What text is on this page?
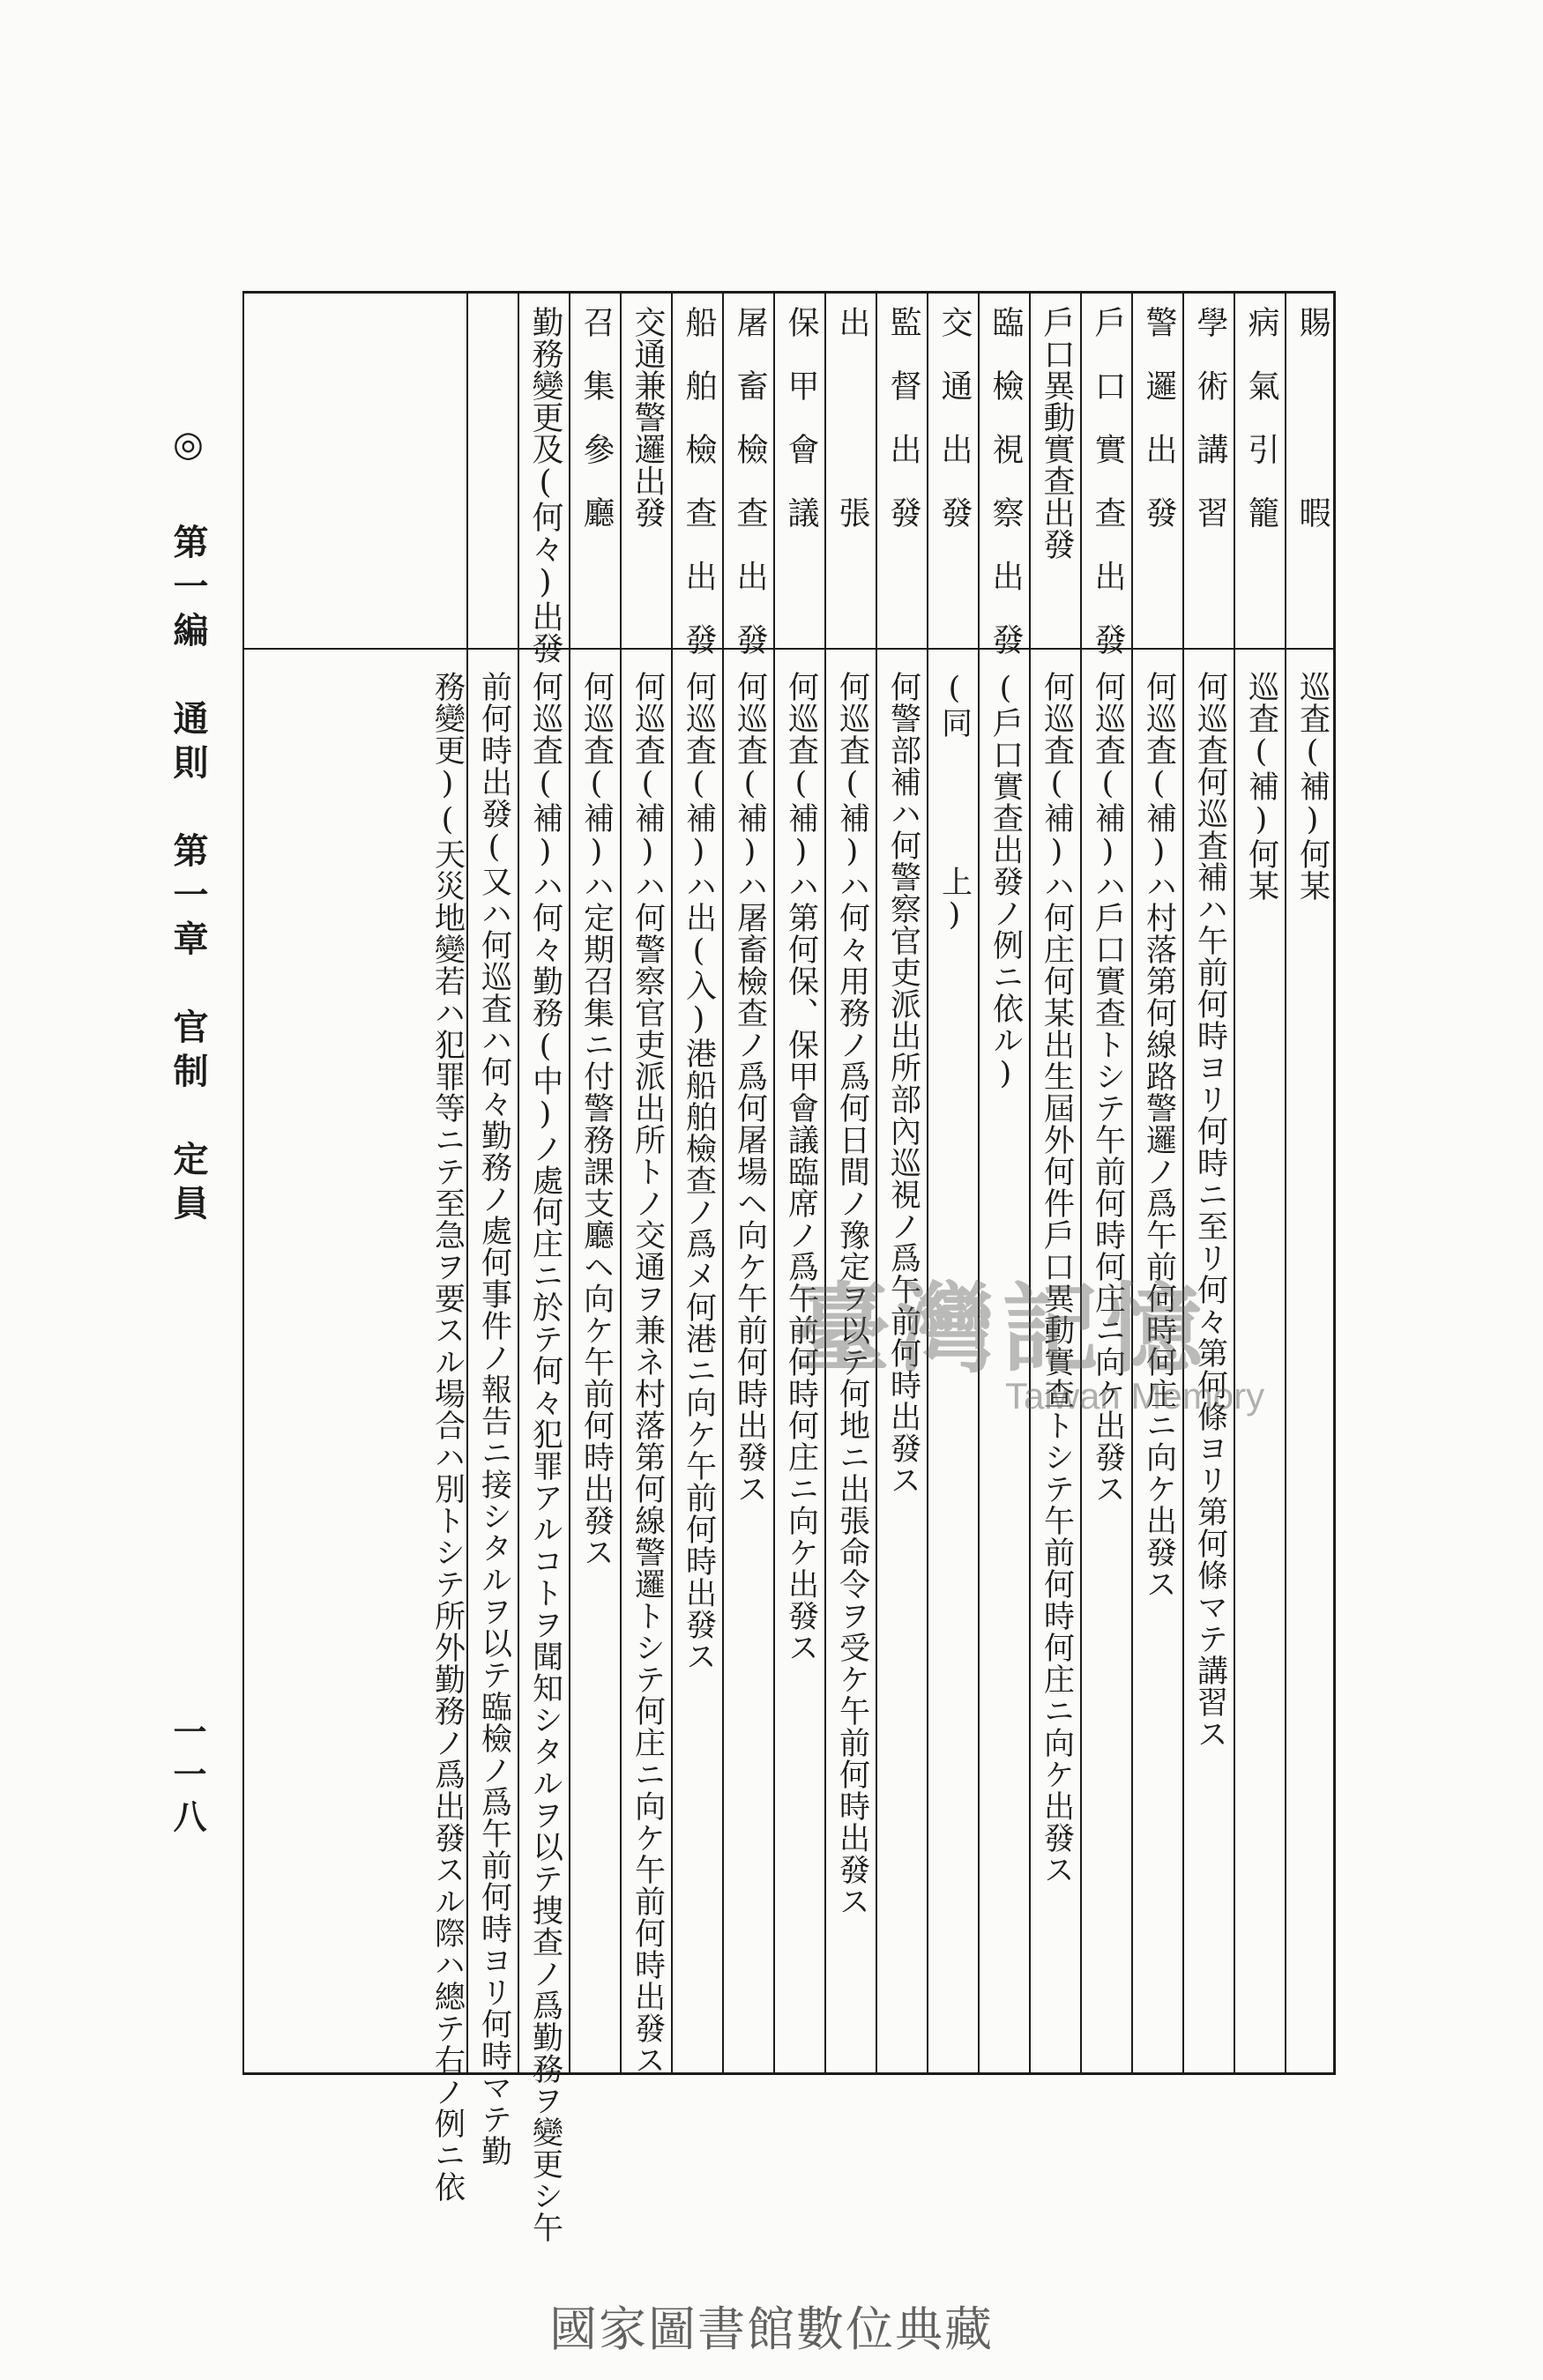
賜　　　　　暇
巡査(補)何某
病　氣　引　籠
巡査(補)何某
學　術　講　習
何巡査何巡査補ハ午前何時ヨリ何時ニ至リ何々第何條ヨリ第何條マテ講習ス
警　邏　出　發
何巡査(補)ハ村落第何線路警邏ノ爲午前何時何庄ニ向ケ出發ス
戶　口　實　查　出　發
何巡査(補)ハ戶口實查トシテ午前何時何庄ニ向ケ出發ス
戶口異動實查出發
何巡査(補)ハ何庄何某出生屆外何件戶口異動實查トシテ午前何時何庄ニ向ケ出發ス
臨　檢　視　察　出　發
(戶口實查出發ノ例ニ依ル)
交　通　出　發
(同　　　　上)
監　督　出　發
何警部補ハ何警察官吏派出所部內巡視ノ爲午前何時出發ス
出　　　　　張
何巡査(補)ハ何々用務ノ爲何日間ノ豫定ヲ以テ何地ニ出張命令ヲ受ケ午前何時出發ス
保　甲　會　議
何巡査(補)ハ第何保、保甲會議臨席ノ爲午前何時何庄ニ向ケ出發ス
屠　畜　檢　查　出　發
何巡査(補)ハ屠畜檢查ノ爲何屠場ヘ向ケ午前何時出發ス
船　舶　檢　查　出　發
何巡査(補)ハ出(入)港船舶檢查ノ爲メ何港ニ向ケ午前何時出發ス
交通兼警邏出發
何巡査(補)ハ何警察官吏派出所トノ交通ヲ兼ネ村落第何線警邏トシテ何庄ニ向ケ午前何時出發ス
召　集　參　廳
何巡査(補)ハ定期召集ニ付警務課支廳ヘ向ケ午前何時出發ス
勤務變更及(何々)出發
何巡査(補)ハ何々勤務(中)ノ處何庄ニ於テ何々犯罪アルコトヲ聞知シタルヲ以テ捜查ノ爲勤務ヲ變更シ午
前何時出發(又ハ何巡査ハ何々勤務ノ處何事件ノ報告ニ接シタルヲ以テ臨檢ノ爲午前何時ヨリ何時マテ勤
務變更)(天災地變若ハ犯罪等ニテ至急ヲ要スル場合ハ別トシテ所外勤務ノ爲出發スル際ハ總テ右ノ例ニ依
◎ 第一編　通則　第一章　官制　定員
一一八
臺灣記憶
Taiwan Memory
國家圖書館數位典藏
